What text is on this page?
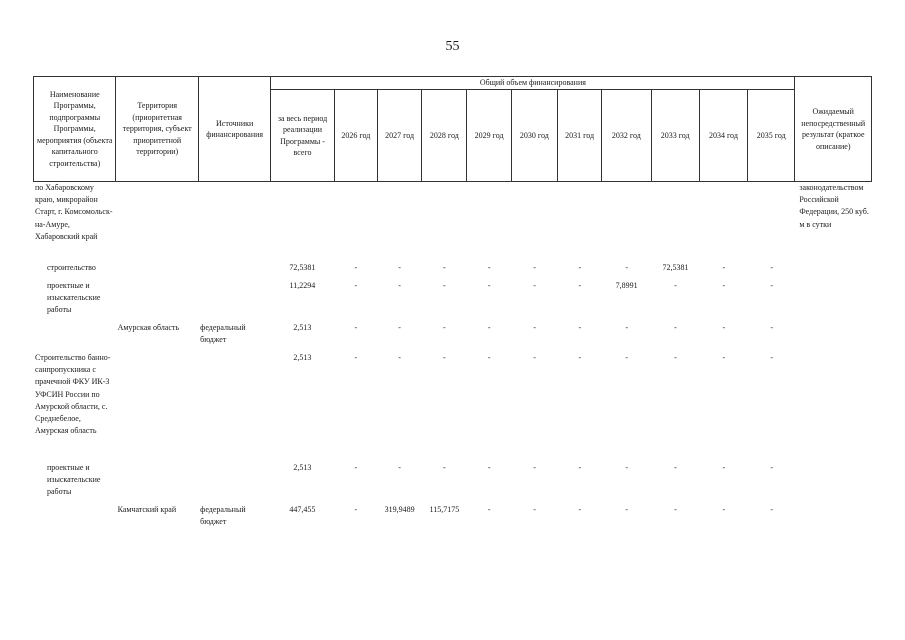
55
Наименование Программы, подпрограммы Программы, мероприятия (объекта капитального строительства)	Территория (приоритетная территория, субъект приоритетной территории)	Источники финансирования	Общий объем финансирования											Ожидаемый непосредственный результат (краткое описание)
			за весь период реализации Программы - всего	2026 год	2027 год	2028 год	2029 год	2030 год	2031 год	2032 год	2033 год	2034 год	2035 год	
по Хабаровскому краю, микрорайон Старт, г. Комсомольск-на-Амуре, Хабаровский край														законодательством Российской Федерации, 250 куб. м в сутки
строительство			72,5381	-	-	-	-	-	-	-	72,5381	-	-	
проектные и изыскательские работы			11,2294	-	-	-	-	-	-	7,8991	-	-	-	
	Амурская область	федеральный бюджет	2,513	-	-	-	-	-	-	-	-	-	-	
Строительство банно-санпропускника с прачечной ФКУ ИК-3 УФСИН России по Амурской области, с. Среднебелое, Амурская область			2,513	-	-	-	-	-	-	-	-	-	-	
проектные и изыскательские работы			2,513	-	-	-	-	-	-	-	-	-	-	
	Камчатский край	федеральный бюджет	447,455	-	319,9489	115,7175	-	-	-	-	-	-	-	
